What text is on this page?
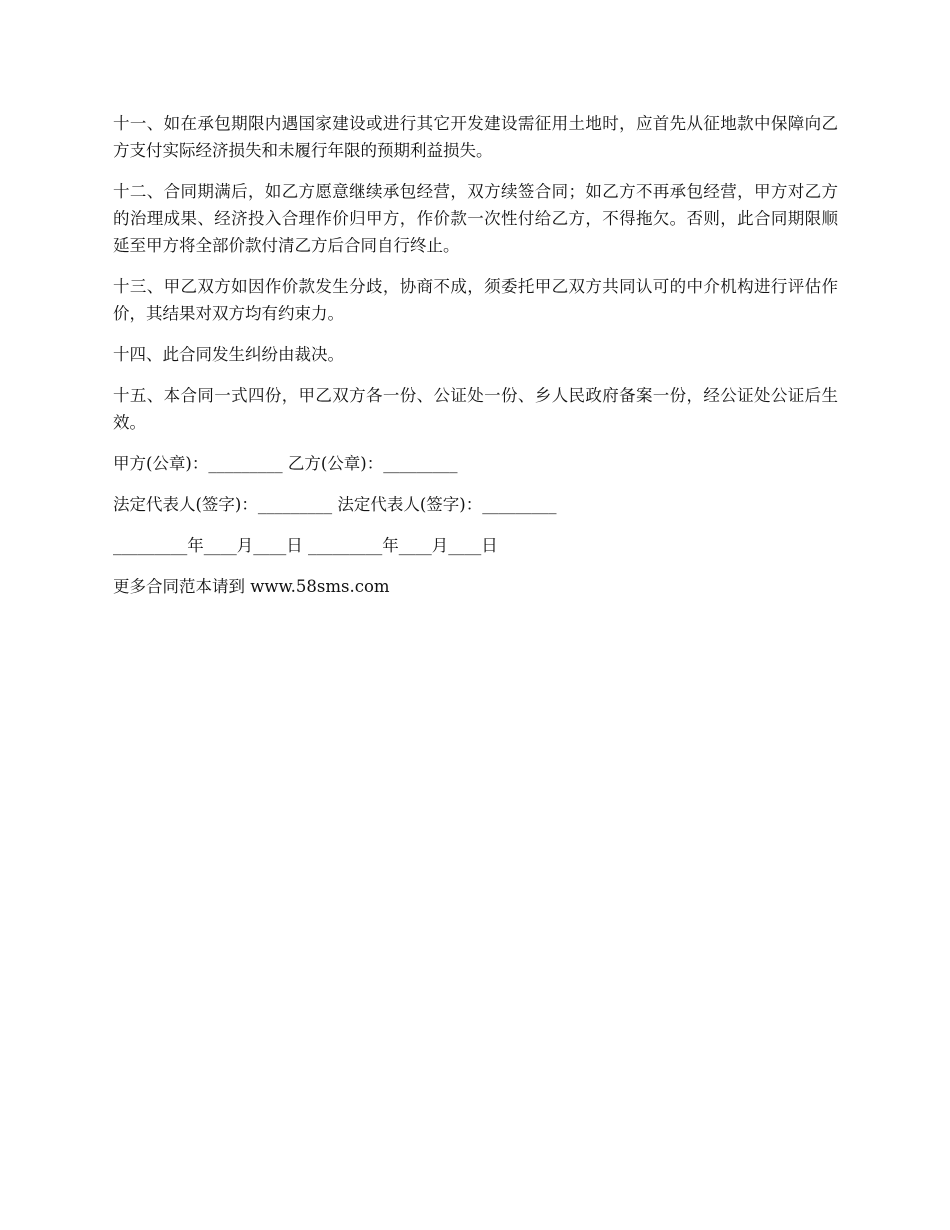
十一、如在承包期限内遇国家建设或进行其它开发建设需征用土地时，应首先从征地款中保障向乙方支付实际经济损失和未履行年限的预期利益损失。

十二、合同期满后，如乙方愿意继续承包经营，双方续签合同；如乙方不再承包经营，甲方对乙方的治理成果、经济投入合理作价归甲方，作价款一次性付给乙方，不得拖欠。否则，此合同期限顺延至甲方将全部价款付清乙方后合同自行终止。

十三、甲乙双方如因作价款发生分歧，协商不成，须委托甲乙双方共同认可的中介机构进行评估作价，其结果对双方均有约束力。

十四、此合同发生纠纷由裁决。

十五、本合同一式四份，甲乙双方各一份、公证处一份、乡人民政府备案一份，经公证处公证后生效。

甲方(公章)：_________ 乙方(公章)：_________

法定代表人(签字)：_________ 法定代表人(签字)：_________

_________年____月____日 _________年____月____日

更多合同范本请到 www.58sms.com
